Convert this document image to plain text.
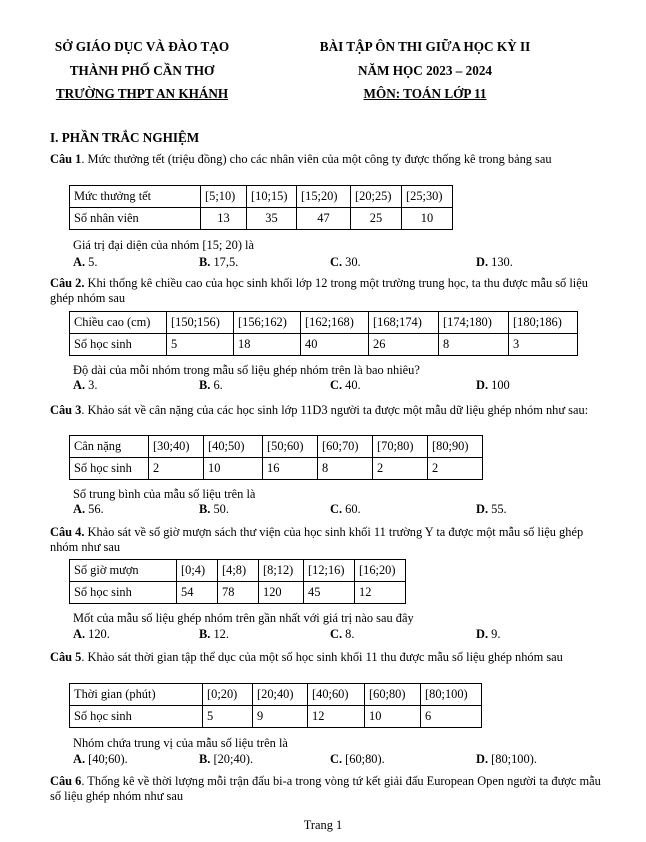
SỞ GIÁO DỤC VÀ ĐÀO TẠO
THÀNH PHỐ CẦN THƠ
TRƯỜNG THPT AN KHÁNH
BÀI TẬP ÔN THI GIỮA HỌC KỲ II
NĂM HỌC 2023 – 2024
MÔN: TOÁN LỚP 11
I. PHẦN TRẮC NGHIỆM
Câu 1. Mức thưởng tết (triệu đồng) cho các nhân viên của một công ty được thống kê trong bảng sau
Mức thưởng tết	[5;10)	[10;15)	[15;20)	[20;25)	[25;30)
Số nhân viên	13	35	47	25	10
Giá trị đại diện của nhóm [15; 20) là
A. 5.	B. 17,5.	C. 30.	D. 130.
Câu 2. Khi thống kê chiều cao của học sinh khối lớp 12 trong một trường trung học, ta thu được mẫu số liệu ghép nhóm sau
Chiều cao (cm)	[150;156)	[156;162)	[162;168)	[168;174)	[174;180)	[180;186)
Số học sinh	5	18	40	26	8	3
Độ dài của mỗi nhóm trong mẫu số liệu ghép nhóm trên là bao nhiêu?
A. 3.	B. 6.	C. 40.	D. 100
Câu 3. Khảo sát về cân nặng của các học sinh lớp 11D3 người ta được một mẫu dữ liệu ghép nhóm như sau:
Cân nặng	[30;40)	[40;50)	[50;60)	[60;70)	[70;80)	[80;90)
Số học sinh	2	10	16	8	2	2
Số trung bình của mẫu số liệu trên là
A. 56.	B. 50.	C. 60.	D. 55.
Câu 4. Khảo sát về số giờ mượn sách thư viện của học sinh khối 11 trường Y ta được một mẫu số liệu ghép nhóm như sau
Số giờ mượn	[0;4)	[4;8)	[8;12)	[12;16)	[16;20)
Số học sinh	54	78	120	45	12
Mốt của mẫu số liệu ghép nhóm trên gần nhất với giá trị nào sau đây
A. 120.	B. 12.	C. 8.	D. 9.
Câu 5. Khảo sát thời gian tập thể dục của một số học sinh khối 11 thu được mẫu số liệu ghép nhóm sau
Thời gian (phút)	[0;20)	[20;40)	[40;60)	[60;80)	[80;100)
Số học sinh	5	9	12	10	6
Nhóm chứa trung vị của mẫu số liệu trên là
A. [40;60).	B. [20;40).	C. [60;80).	D. [80;100).
Câu 6. Thống kê về thời lượng mỗi trận đấu bi-a trong vòng tứ kết giải đấu European Open người ta được mẫu số liệu ghép nhóm như sau
Trang 1
